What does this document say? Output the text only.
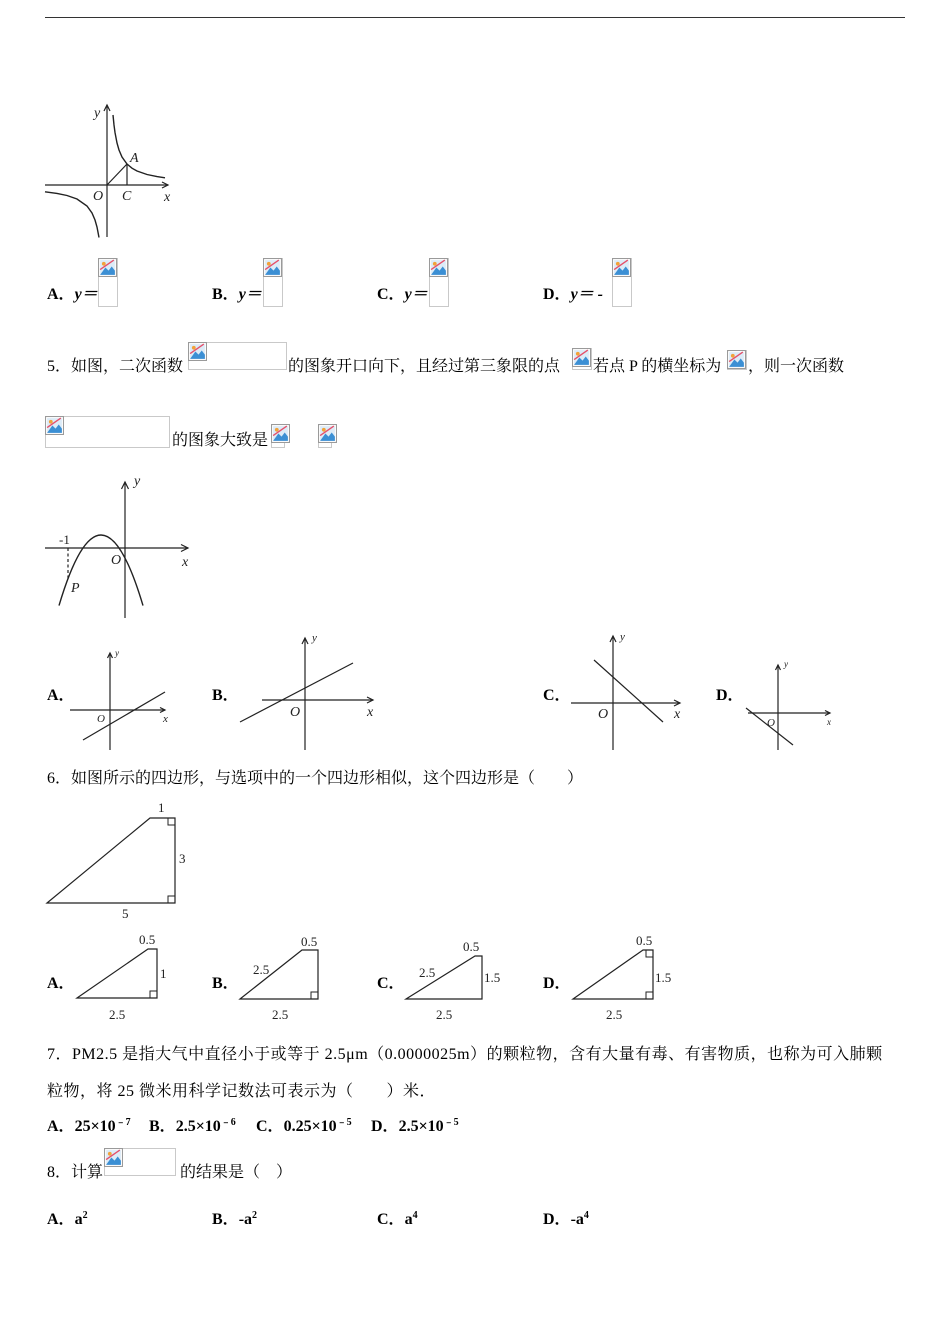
y
x
O C
A
A．y＝	B．y＝	C．y＝	D．y＝ -
5．如图，二次函数	的图象开口向下，且经过第三象限的点 若点 P 的横坐标为 ，则一次函数
的图象大致是
-1
O	x
y
P
A．
y
x
O
B．
y
x
O
C．
y
x
O
D．
y
x
O
6．如图所示的四边形，与选项中的一个四边形相似，这个四边形是（　　）
1
3
5
A．
0.5
1
2.5
B．
0.5
2.5
2.5
C．
0.5
2.5	1.5
2.5
D．
0.5
1.5
2.5
7．PM2.5 是指大气中直径小于或等于 2.5μm（0.0000025m）的颗粒物，含有大量有毒、有害物质，也称为可入肺颗
粒物，将 25 微米用科学记数法可表示为（　　）米．
A．$25\times 10^{﹣7}$ B．$2.5\times 10^{﹣6}$ C．$0.25\times 10^{﹣5}$ D．$2.5\times 10^{﹣5}$
8．计算	的结果是（　）
A．$a^2$	B．$-a^2$	C．$a^4$	D．$-a^4$
